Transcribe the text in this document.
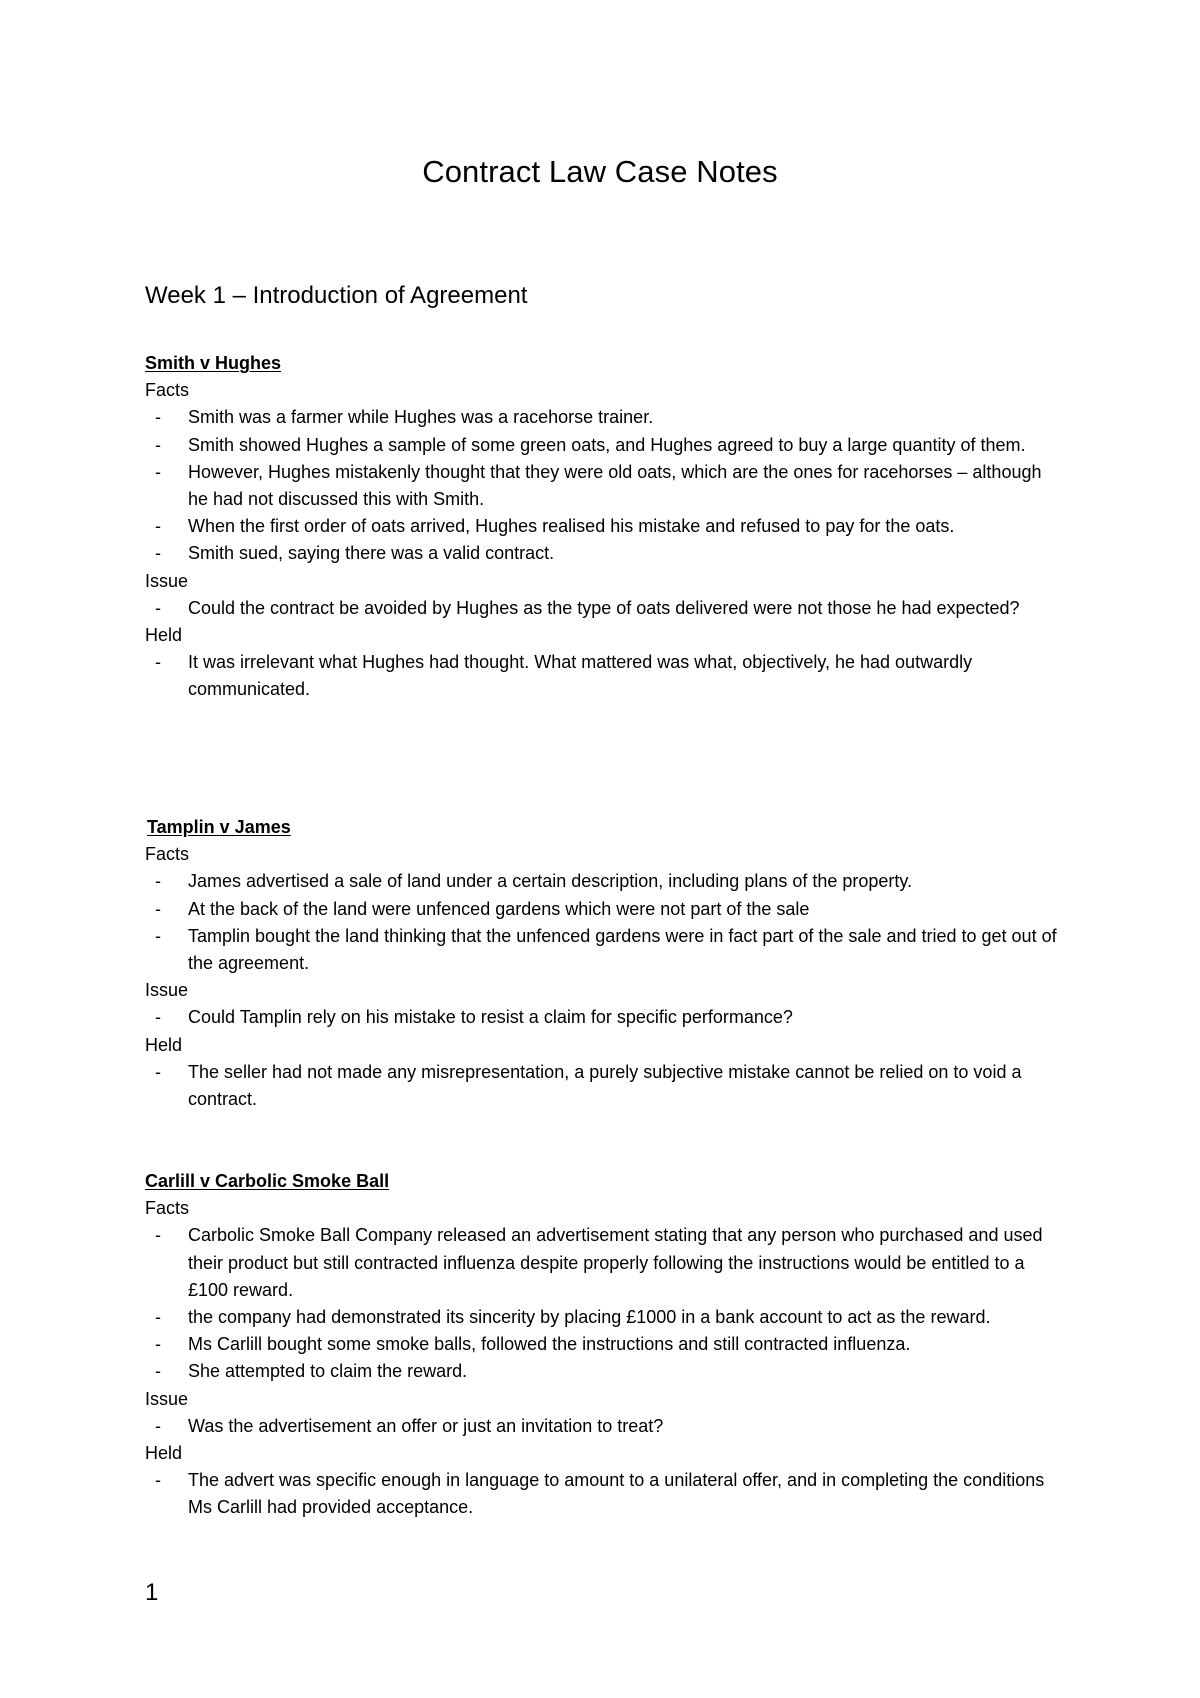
Contract Law Case Notes
Week 1 – Introduction of Agreement
Smith v Hughes
Facts
- Smith was a farmer while Hughes was a racehorse trainer.
- Smith showed Hughes a sample of some green oats, and Hughes agreed to buy a large quantity of them.
- However, Hughes mistakenly thought that they were old oats, which are the ones for racehorses – although he had not discussed this with Smith.
- When the first order of oats arrived, Hughes realised his mistake and refused to pay for the oats.
- Smith sued, saying there was a valid contract.
Issue
- Could the contract be avoided by Hughes as the type of oats delivered were not those he had expected?
Held
- It was irrelevant what Hughes had thought. What mattered was what, objectively, he had outwardly communicated.
Tamplin v James
Facts
- James advertised a sale of land under a certain description, including plans of the property.
- At the back of the land were unfenced gardens which were not part of the sale
- Tamplin bought the land thinking that the unfenced gardens were in fact part of the sale and tried to get out of the agreement.
Issue
- Could Tamplin rely on his mistake to resist a claim for specific performance?
Held
- The seller had not made any misrepresentation, a purely subjective mistake cannot be relied on to void a contract.
Carlill v Carbolic Smoke Ball
Facts
- Carbolic Smoke Ball Company released an advertisement stating that any person who purchased and used their product but still contracted influenza despite properly following the instructions would be entitled to a £100 reward.
- the company had demonstrated its sincerity by placing £1000 in a bank account to act as the reward.
- Ms Carlill bought some smoke balls, followed the instructions and still contracted influenza.
- She attempted to claim the reward.
Issue
- Was the advertisement an offer or just an invitation to treat?
Held
- The advert was specific enough in language to amount to a unilateral offer, and in completing the conditions Ms Carlill had provided acceptance.
1
